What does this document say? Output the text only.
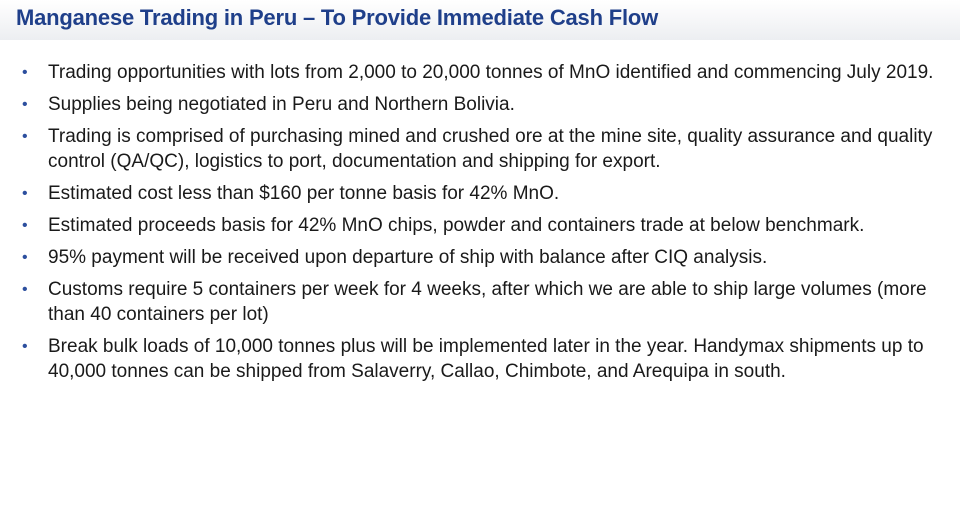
Manganese Trading in Peru – To Provide Immediate Cash Flow
• Trading opportunities with lots from 2,000 to 20,000 tonnes of MnO identified and commencing July 2019.
• Supplies being negotiated in Peru and Northern Bolivia.
• Trading is comprised of purchasing mined and crushed ore at the mine site, quality assurance and quality control (QA/QC), logistics to port, documentation and shipping for export.
• Estimated cost less than $160 per tonne basis for 42% MnO.
• Estimated proceeds basis for 42% MnO chips, powder and containers trade at below benchmark.
• 95% payment will be received upon departure of ship with balance after CIQ analysis.
• Customs require 5 containers per week for 4 weeks, after which we are able to ship large volumes (more than 40 containers per lot)
• Break bulk loads of 10,000 tonnes plus will be implemented later in the year. Handymax shipments up to 40,000 tonnes can be shipped from Salaverry, Callao, Chimbote, and Arequipa in south.
